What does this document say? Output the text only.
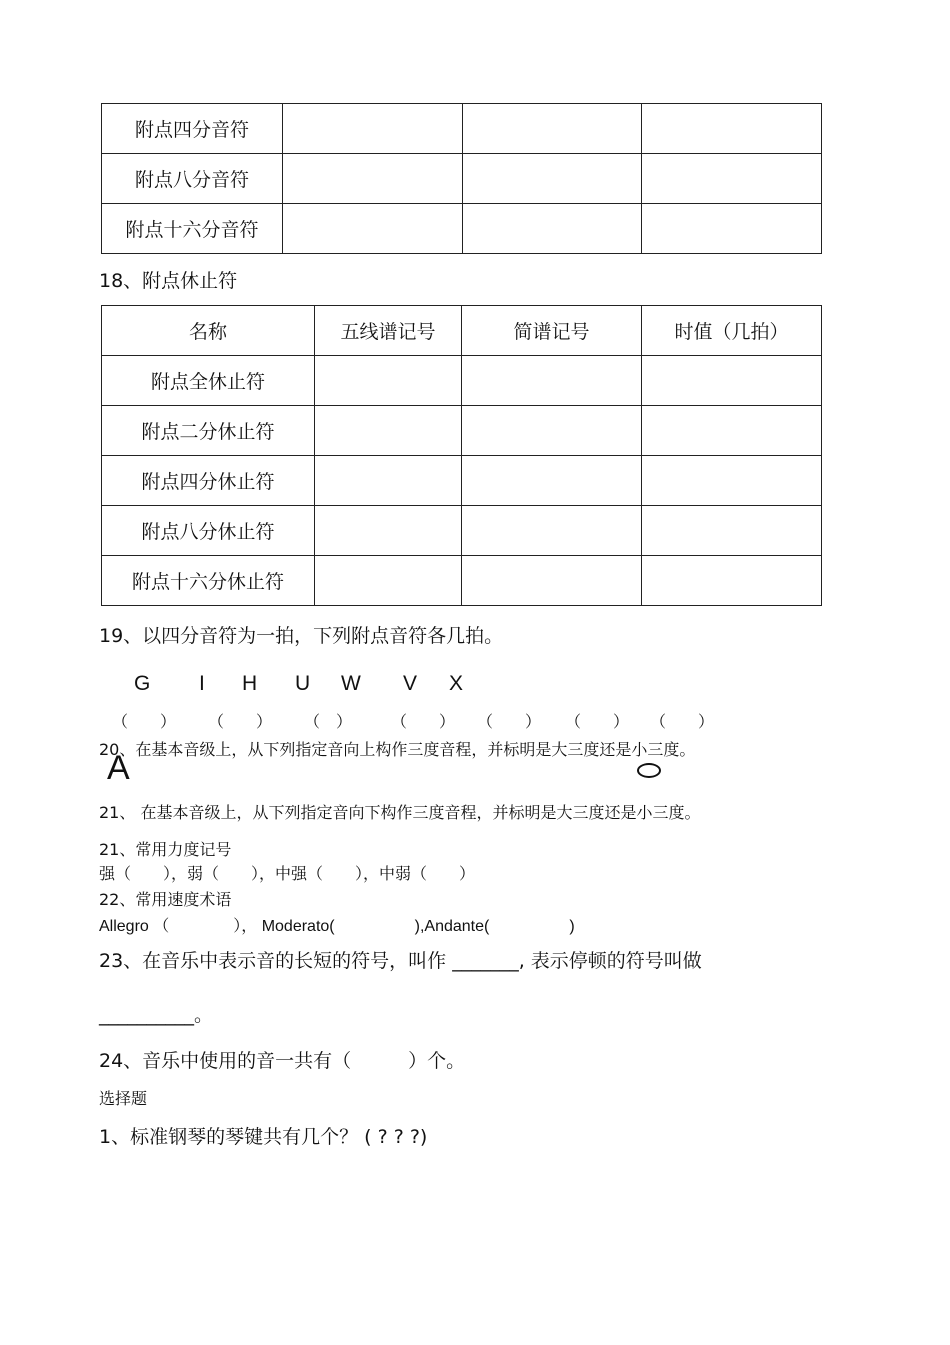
附点四分音符			
附点八分音符			
附点十六分音符			
18、附点休止符
名称	五线谱记号	简谱记号	时值（几拍）
附点全休止符			
附点二分休止符			
附点四分休止符			
附点八分休止符			
附点十六分休止符			
19、以四分音符为一拍，下列附点音符各几拍。
G I H U W V X
（　　） （　　） （　） （　　） （　　） （　　） （　　）
20、在基本音级上，从下列指定音向上构作三度音程，并标明是大三度还是小三度。
A
21、 在基本音级上，从下列指定音向下构作三度音程，并标明是大三度还是小三度。
21、常用力度记号
强（　　），弱（　　），中强（　　），中弱（　　）
22、常用速度术语
Allegro （　　　　）， Moderato(　　　　　),Andante(　　　　　)
23、在音乐中表示音的长短的符号，叫作 _______, 表示停顿的符号叫做
__________。
24、音乐中使用的音一共有（　　　）个。
选择题
1、标准钢琴的琴键共有几个？ ( ? ? ?)
